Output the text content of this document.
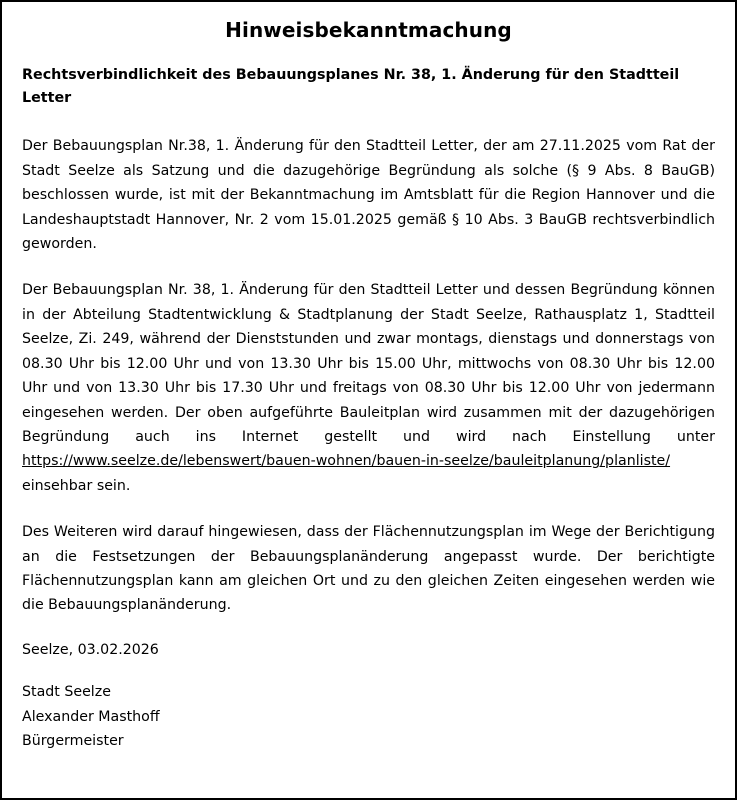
Hinweisbekanntmachung
Rechtsverbindlichkeit des Bebauungsplanes Nr. 38, 1. Änderung für den Stadtteil Letter

Der Bebauungsplan Nr.38, 1. Änderung für den Stadtteil Letter, der am 27.11.2025 vom Rat der Stadt Seelze als Satzung und die dazugehörige Begründung als solche (§ 9 Abs. 8 BauGB) beschlossen wurde, ist mit der Bekanntmachung im Amtsblatt für die Region Hannover und die Landeshauptstadt Hannover, Nr. 2 vom 15.01.2025 gemäß § 10 Abs. 3 BauGB rechtsverbindlich geworden.

Der Bebauungsplan Nr. 38, 1. Änderung für den Stadtteil Letter und dessen Begründung können in der Abteilung Stadtentwicklung & Stadtplanung der Stadt Seelze, Rathausplatz 1, Stadtteil Seelze, Zi. 249, während der Dienststunden und zwar montags, dienstags und donnerstags von 08.30 Uhr bis 12.00 Uhr und von 13.30 Uhr bis 15.00 Uhr, mittwochs von 08.30 Uhr bis 12.00 Uhr und von 13.30 Uhr bis 17.30 Uhr und freitags von 08.30 Uhr bis 12.00 Uhr von jedermann eingesehen werden. Der oben aufgeführte Bauleitplan wird zusammen mit der dazugehörigen Begründung auch ins Internet gestellt und wird nach Einstellung unter https://www.seelze.de/lebenswert/bauen-wohnen/bauen-in-seelze/bauleitplanung/planliste/ einsehbar sein.

Des Weiteren wird darauf hingewiesen, dass der Flächennutzungsplan im Wege der Berichtigung an die Festsetzungen der Bebauungsplanänderung angepasst wurde. Der berichtigte Flächennutzungsplan kann am gleichen Ort und zu den gleichen Zeiten eingesehen werden wie die Bebauungsplanänderung.

Seelze, 03.02.2026

Stadt Seelze

Alexander Masthoff

Bürgermeister
